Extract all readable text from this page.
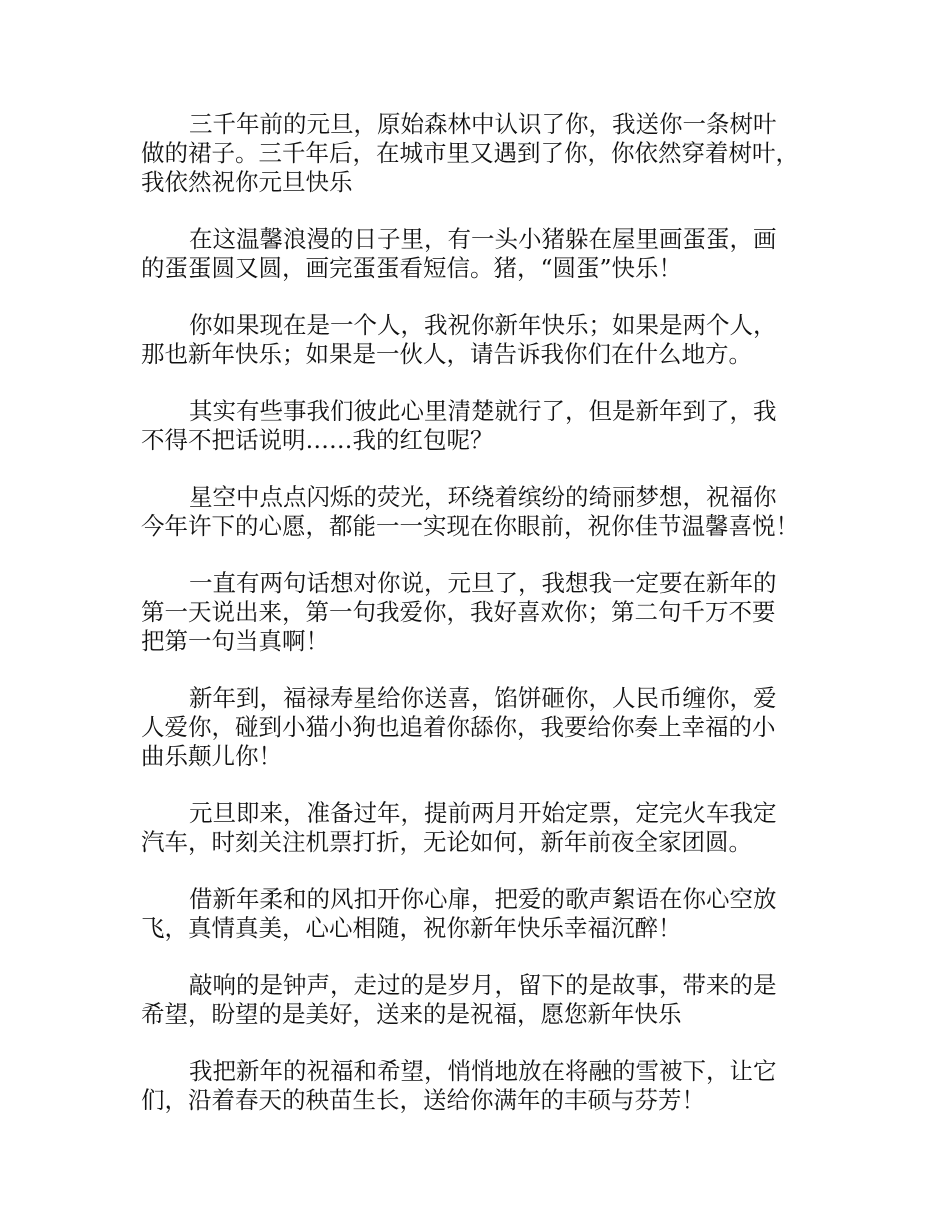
三千年前的元旦，原始森林中认识了你，我送你一条树叶
做的裙子。三千年后，在城市里又遇到了你，你依然穿着树叶，
我依然祝你元旦快乐

在这温馨浪漫的日子里，有一头小猪躲在屋里画蛋蛋，画
的蛋蛋圆又圆，画完蛋蛋看短信。猪，“圆蛋”快乐！

你如果现在是一个人，我祝你新年快乐；如果是两个人，
那也新年快乐；如果是一伙人，请告诉我你们在什么地方。

其实有些事我们彼此心里清楚就行了，但是新年到了，我
不得不把话说明……我的红包呢？

星空中点点闪烁的荧光，环绕着缤纷的绮丽梦想，祝福你
今年许下的心愿，都能一一实现在你眼前，祝你佳节温馨喜悦！

一直有两句话想对你说，元旦了，我想我一定要在新年的
第一天说出来，第一句我爱你，我好喜欢你；第二句千万不要
把第一句当真啊！

新年到，福禄寿星给你送喜，馅饼砸你，人民币缠你，爱
人爱你，碰到小猫小狗也追着你舔你，我要给你奏上幸福的小
曲乐颠儿你！

元旦即来，准备过年，提前两月开始定票，定完火车我定
汽车，时刻关注机票打折，无论如何，新年前夜全家团圆。

借新年柔和的风扣开你心扉，把爱的歌声絮语在你心空放
飞，真情真美，心心相随，祝你新年快乐幸福沉醉！

敲响的是钟声，走过的是岁月，留下的是故事，带来的是
希望，盼望的是美好，送来的是祝福，愿您新年快乐

我把新年的祝福和希望，悄悄地放在将融的雪被下，让它
们，沿着春天的秧苗生长，送给你满年的丰硕与芬芳！
